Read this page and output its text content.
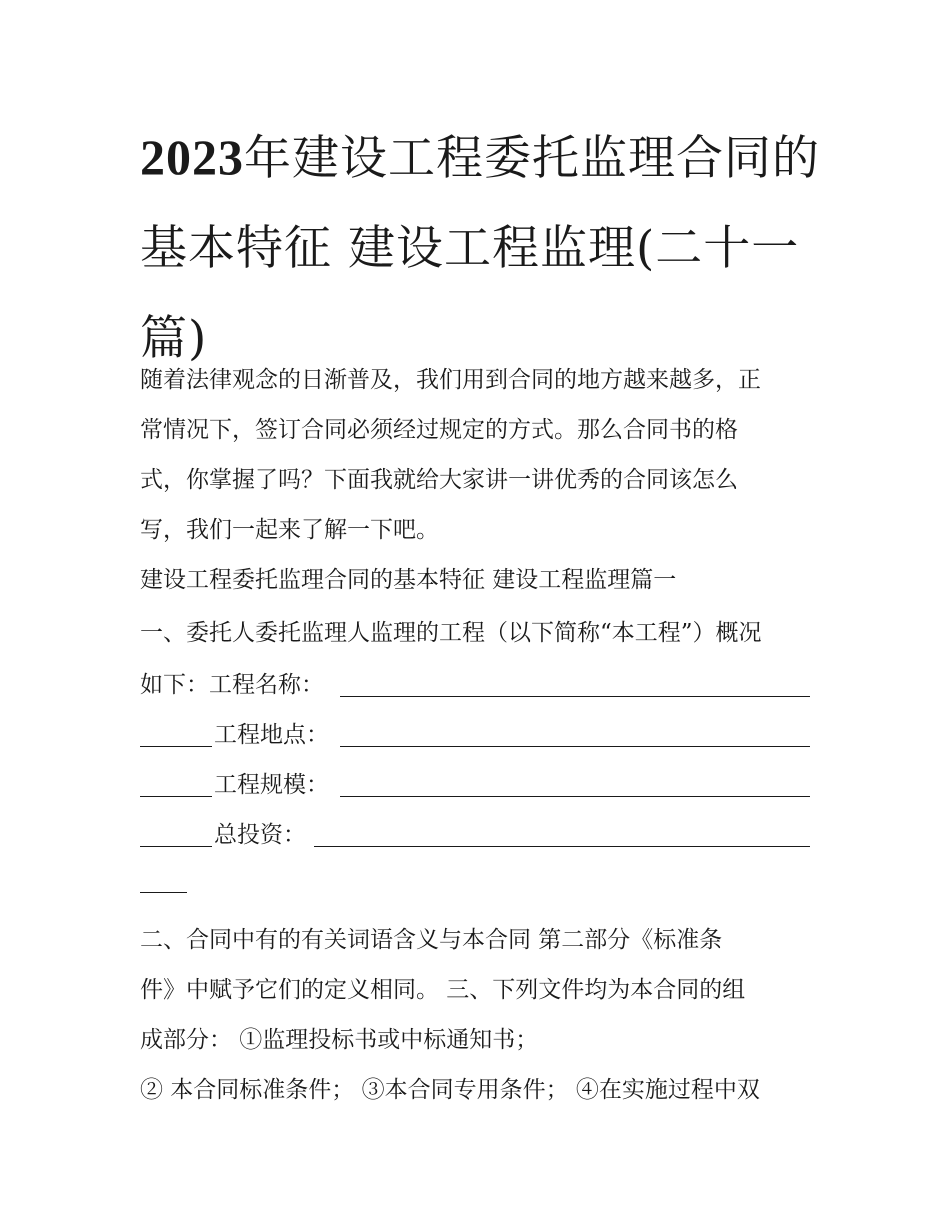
2023年建设工程委托监理合同的基本特征 建设工程监理(二十一篇)
随着法律观念的日渐普及，我们用到合同的地方越来越多，正
常情况下，签订合同必须经过规定的方式。那么合同书的格
式，你掌握了吗？下面我就给大家讲一讲优秀的合同该怎么
写，我们一起来了解一下吧。
建设工程委托监理合同的基本特征 建设工程监理篇一
一、委托人委托监理人监理的工程（以下简称“本工程”）概况
如下：工程名称：
工程地点：
工程规模：
总投资：
二、合同中有的有关词语含义与本合同 第二部分《标准条
件》中赋予它们的定义相同。 三、下列文件均为本合同的组
成部分： ①监理投标书或中标通知书；
② 本合同标准条件； ③本合同专用条件； ④在实施过程中双
